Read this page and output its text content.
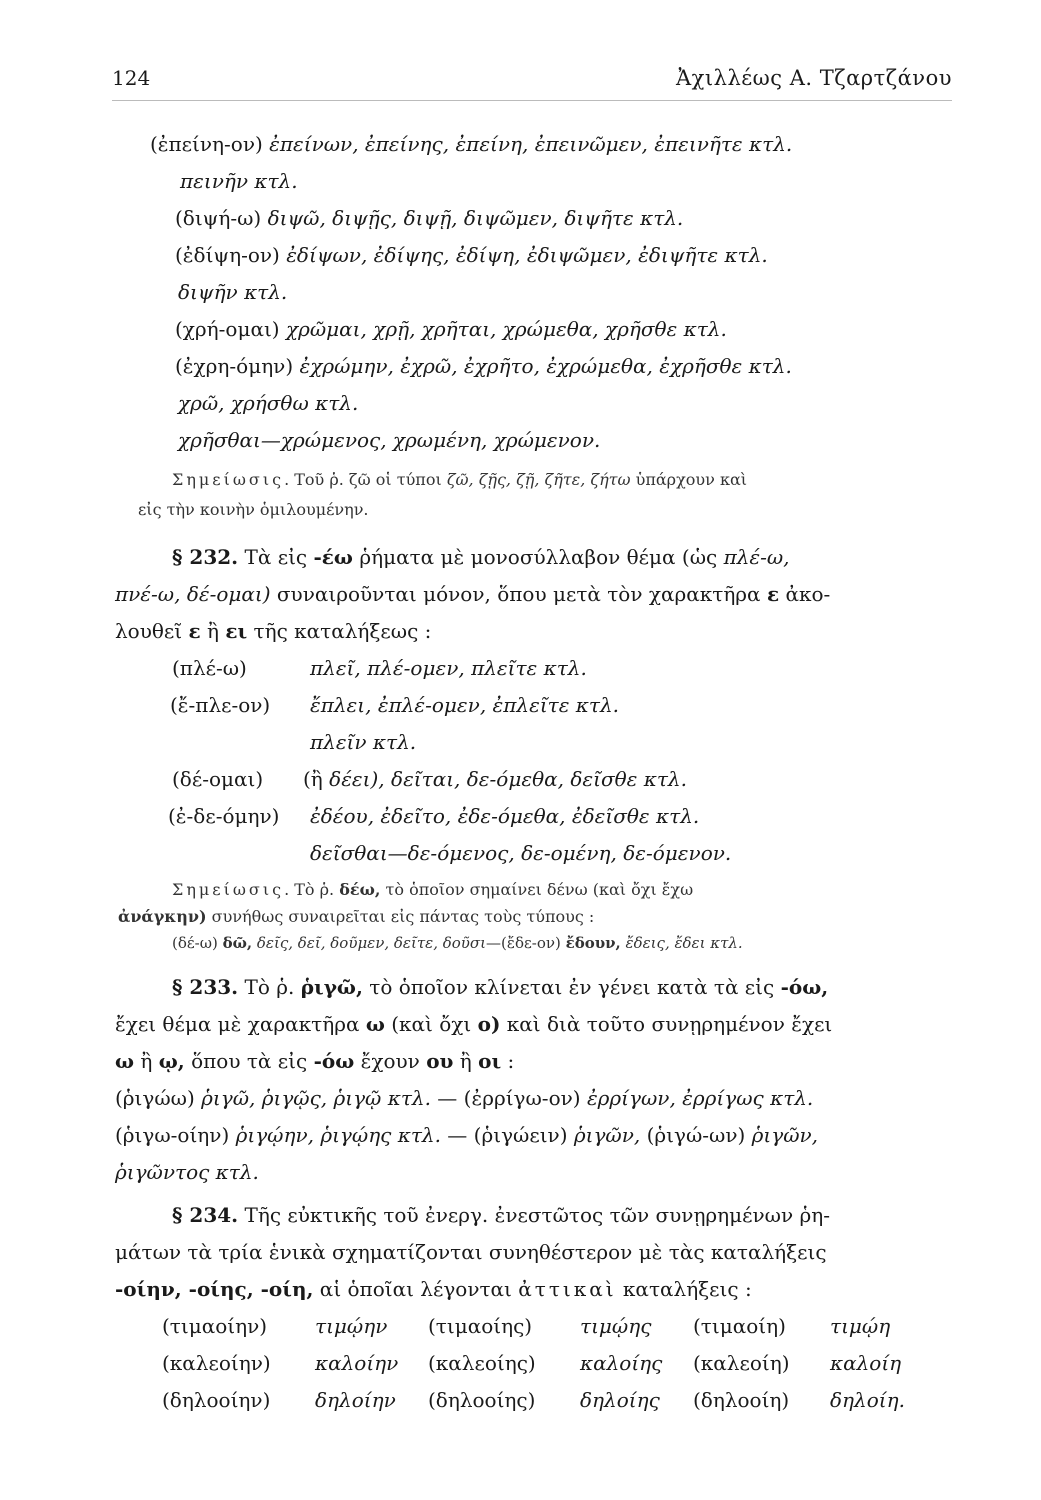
124	Ἀχιλλέως Α. Τζαρτζάνου
(ἐπείνη-ον) ἐπείνων, ἐπείνης, ἐπείνη, ἐπεινῶμεν, ἐπεινῆτε κτλ.
πεινῆν κτλ.
(διψή-ω) διψῶ, διψῇς, διψῇ, διψῶμεν, διψῆτε κτλ.
(ἐδίψη-ον) ἐδίψων, ἐδίψης, ἐδίψη, ἐδιψῶμεν, ἐδιψῆτε κτλ.
διψῆν κτλ.
(χρή-ομαι) χρῶμαι, χρῇ, χρῆται, χρώμεθα, χρῆσθε κτλ.
(ἐχρη-όμην) ἐχρώμην, ἐχρῶ, ἐχρῆτο, ἐχρώμεθα, ἐχρῆσθε κτλ.
χρῶ, χρήσθω κτλ.
χρῆσθαι—χρώμενος, χρωμένη, χρώμενον.
Σημείωσις. Τοῦ ῥ. ζῶ οἱ τύποι ζῶ, ζῇς, ζῇ, ζῆτε, ζήτω ὑπάρχουν καὶ
εἰς τὴν κοινὴν ὁμιλουμένην.
§ 232. Τὰ εἰς -έω ῥήματα μὲ μονοσύλλαβον θέμα (ὡς πλέ-ω,
πνέ-ω, δέ-ομαι) συναιροῦνται μόνον, ὅπου μετὰ τὸν χαρακτῆρα ε ἀκο-
λουθεῖ ε ἢ ει τῆς καταλήξεως :
(πλέ-ω)	πλεῖ, πλέ-ομεν, πλεῖτε κτλ.
(ἔ-πλε-ον) ἔπλει, ἐπλέ-ομεν, ἐπλεῖτε κτλ.
πλεῖν κτλ.
(δέ-ομαι) (ἢ δέει), δεῖται, δε-όμεθα, δεῖσθε κτλ.
(ἐ-δε-όμην) ἐδέου, ἐδεῖτο, ἐδε-όμεθα, ἐδεῖσθε κτλ.
δεῖσθαι—δε-όμενος, δε-ομένη, δε-όμενον.
Σημείωσις. Τὸ ῥ. δέω, τὸ ὁποῖον σημαίνει δένω (καὶ ὄχι ἔχω
ἀνάγκην) συνήθως συναιρεῖται εἰς πάντας τοὺς τύπους :
(δέ-ω) δῶ, δεῖς, δεῖ, δοῦμεν, δεῖτε, δοῦσι—(ἔδε-ον) ἔδουν, ἔδεις, ἔδει κτλ.
§ 233. Τὸ ῥ. ῥιγῶ, τὸ ὁποῖον κλίνεται ἐν γένει κατὰ τὰ εἰς -όω,
ἔχει θέμα μὲ χαρακτῆρα ω (καὶ ὄχι ο) καὶ διὰ τοῦτο συνῃρημένον ἔχει
ω ἢ ῳ, ὅπου τὰ εἰς -όω ἔχουν ου ἢ οι :
(ῥιγώω) ῥιγῶ, ῥιγῷς, ῥιγῷ κτλ. — (ἐρρίγω-ον) ἐρρίγων, ἐρρίγως κτλ.
(ῥιγω-οίην) ῥιγῴην, ῥιγῴης κτλ. — (ῥιγώειν) ῥιγῶν, (ῥιγώ-ων) ῥιγῶν,
ῥιγῶντος κτλ.
§ 234. Τῆς εὐκτικῆς τοῦ ἐνεργ. ἐνεστῶτος τῶν συνῃρημένων ῥη-
μάτων τὰ τρία ἑνικὰ σχηματίζονται συνηθέστερον μὲ τὰς καταλήξεις
-οίην, -οίης, -οίη, αἱ ὁποῖαι λέγονται ἀττικαὶ καταλήξεις :
(τιμαοίην) τιμῴην (τιμαοίης) τιμῴης (τιμαοίη) τιμῴη
(καλεοίην) καλοίην (καλεοίης) καλοίης (καλεοίη) καλοίη
(δηλοοίην) δηλοίην (δηλοοίης) δηλοίης (δηλοοίη) δηλοίη.
